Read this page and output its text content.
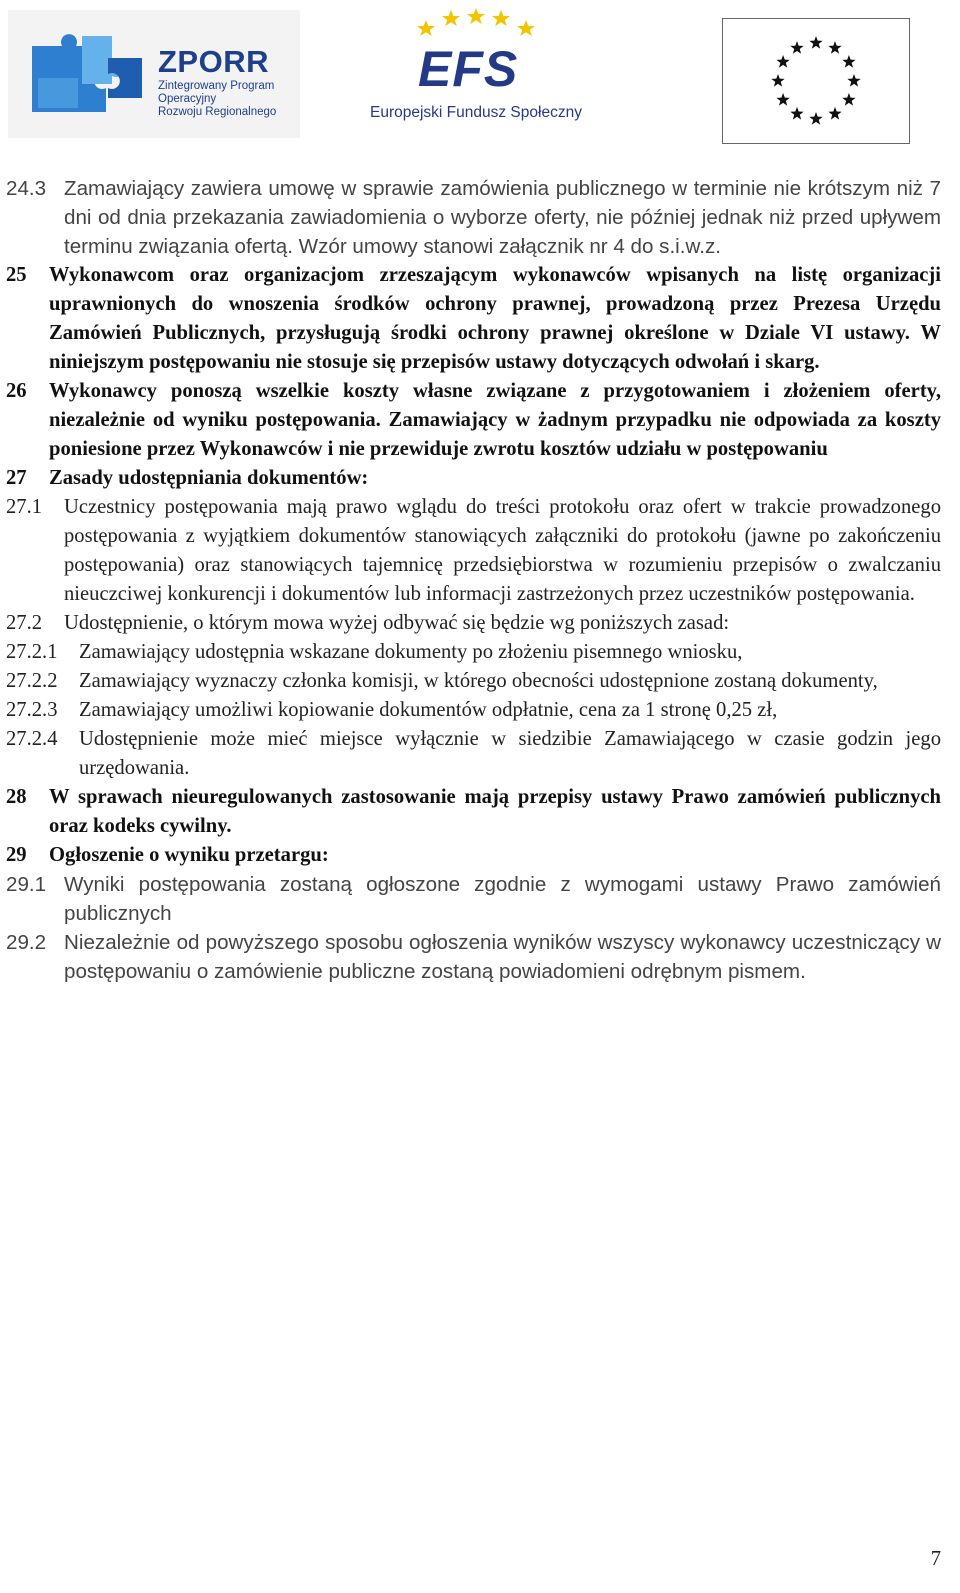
ZPORR
Zintegrowany Program
Operacyjny
Rozwoju Regionalnego
EFS
Europejski Fundusz Społeczny
24.3 Zamawiający zawiera umowę w sprawie zamówienia publicznego w terminie nie krótszym niż 7 dni od dnia przekazania zawiadomienia o wyborze oferty, nie później jednak niż przed upływem terminu związania ofertą. Wzór umowy stanowi załącznik nr 4 do s.i.w.z.
25 Wykonawcom oraz organizacjom zrzeszającym wykonawców wpisanych na listę organizacji uprawnionych do wnoszenia środków ochrony prawnej, prowadzoną przez Prezesa Urzędu Zamówień Publicznych, przysługują środki ochrony prawnej określone w Dziale VI ustawy. W niniejszym postępowaniu nie stosuje się przepisów ustawy dotyczących odwołań i skarg.
26 Wykonawcy ponoszą wszelkie koszty własne związane z przygotowaniem i złożeniem oferty, niezależnie od wyniku postępowania. Zamawiający w żadnym przypadku nie odpowiada za koszty poniesione przez Wykonawców i nie przewiduje zwrotu kosztów udziału w postępowaniu
27 Zasady udostępniania dokumentów:
27.1 Uczestnicy postępowania mają prawo wglądu do treści protokołu oraz ofert w trakcie prowadzonego postępowania z wyjątkiem dokumentów stanowiących załączniki do protokołu (jawne po zakończeniu postępowania) oraz stanowiących tajemnicę przedsiębiorstwa w rozumieniu przepisów o zwalczaniu nieuczciwej konkurencji i dokumentów lub informacji zastrzeżonych przez uczestników postępowania.
27.2 Udostępnienie, o którym mowa wyżej odbywać się będzie wg poniższych zasad:
27.2.1 Zamawiający udostępnia wskazane dokumenty po złożeniu pisemnego wniosku,
27.2.2 Zamawiający wyznaczy członka komisji, w którego obecności udostępnione zostaną dokumenty,
27.2.3 Zamawiający umożliwi kopiowanie dokumentów odpłatnie, cena za 1 stronę 0,25 zł,
27.2.4 Udostępnienie może mieć miejsce wyłącznie w siedzibie Zamawiającego w czasie godzin jego urzędowania.
28 W sprawach nieuregulowanych zastosowanie mają przepisy ustawy Prawo zamówień publicznych oraz kodeks cywilny.
29 Ogłoszenie o wyniku przetargu:
29.1 Wyniki postępowania zostaną ogłoszone zgodnie z wymogami ustawy Prawo zamówień publicznych
29.2 Niezależnie od powyższego sposobu ogłoszenia wyników wszyscy wykonawcy uczestniczący w postępowaniu o zamówienie publiczne zostaną powiadomieni odrębnym pismem.
7
